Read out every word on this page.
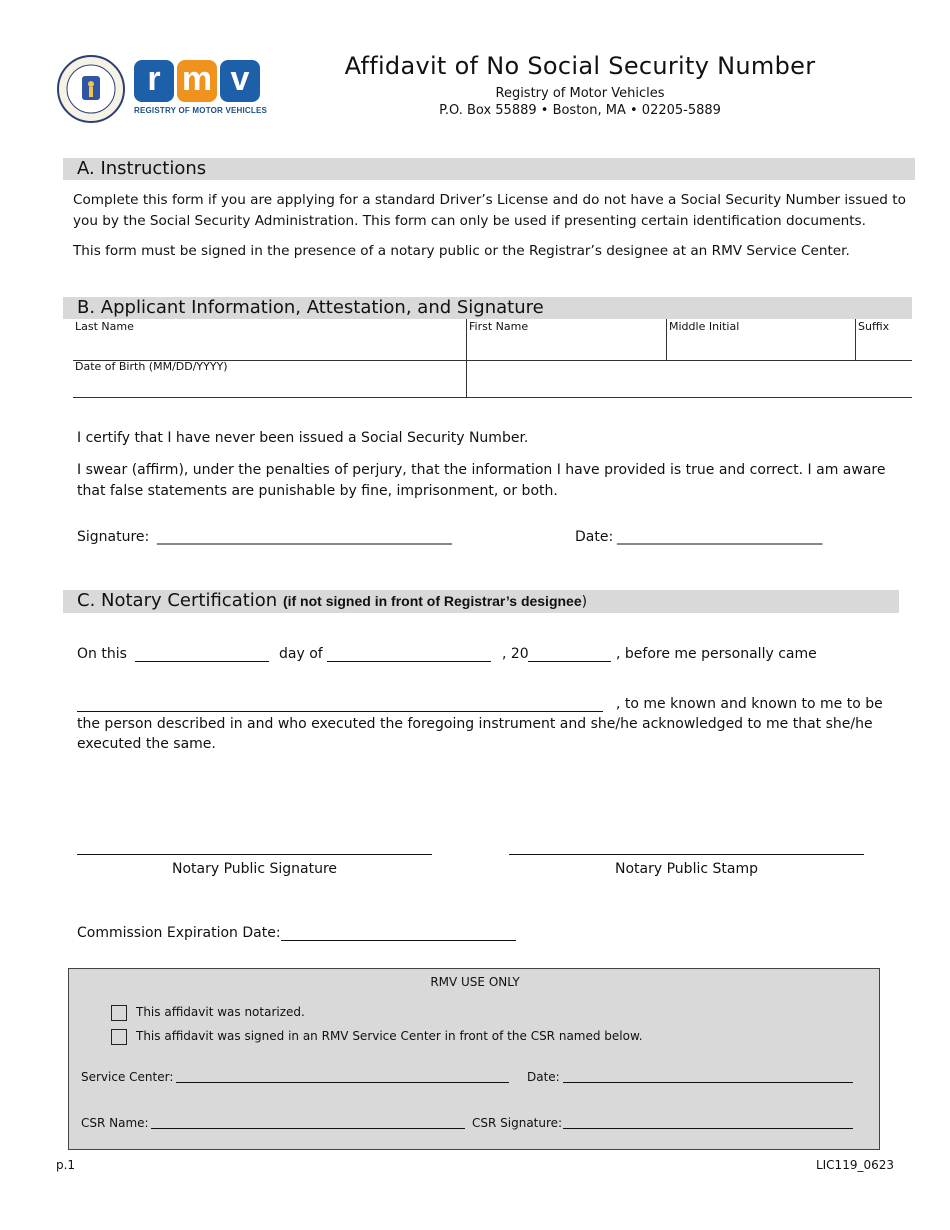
r m v
REGISTRY OF MOTOR VEHICLES
Affidavit of No Social Security Number
Registry of Motor Vehicles
P.O. Box 55889 • Boston, MA • 02205-5889
A. Instructions
Complete this form if you are applying for a standard Driver’s License and do not have a Social Security Number issued to you by the Social Security Administration. This form can only be used if presenting certain identification documents.
This form must be signed in the presence of a notary public or the Registrar’s designee at an RMV Service Center.
B. Applicant Information, Attestation, and Signature
Last Name	First Name	Middle Initial	Suffix
Date of Birth (MM/DD/YYYY)
I certify that I have never been issued a Social Security Number.
I swear (affirm), under the penalties of perjury, that the information I have provided is true and correct. I am aware that false statements are punishable by fine, imprisonment, or both.
Signature: ______________________________________________	Date: ________________________________
C. Notary Certification (if not signed in front of Registrar’s designee)
On this	day of	, 20	, before me personally came
, to me known and known to me to be
the person described in and who executed the foregoing instrument and she/he acknowledged to me that she/he executed the same.
Notary Public Signature	Notary Public Stamp
Commission Expiration Date:
RMV USE ONLY
This affidavit was notarized.
This affidavit was signed in an RMV Service Center in front of the CSR named below.
Service Center:	Date:
CSR Name:	CSR Signature:
p.1	LIC119_0623
